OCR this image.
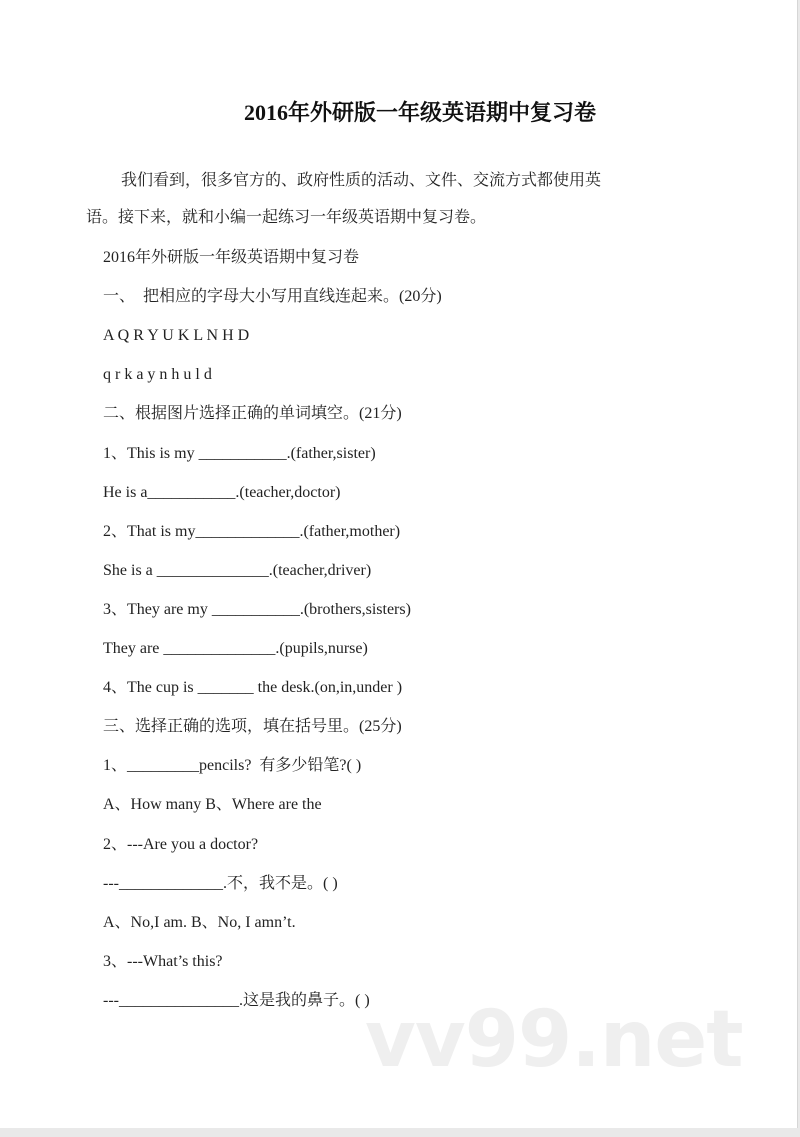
2016年外研版一年级英语期中复习卷
我们看到，很多官方的、政府性质的活动、文件、交流方式都使用英
语。接下来，就和小编一起练习一年级英语期中复习卷。
2016年外研版一年级英语期中复习卷
一、  把相应的字母大小写用直线连起来。(20分)
A Q R Y U K L N H D
q r k a y n h u l d
二、根据图片选择正确的单词填空。(21分)
1、This is my ___________.(father,sister)
He is a___________.(teacher,doctor)
2、That is my_____________.(father,mother)
She is a ______________.(teacher,driver)
3、They are my ___________.(brothers,sisters)
They are ______________.(pupils,nurse)
4、The cup is _______ the desk.(on,in,under )
三、选择正确的选项，填在括号里。(25分)
1、_________pencils?  有多少铅笔?( )
A、How many B、Where are the
2、---Are you a doctor?
---_____________.不，我不是。( )
A、No,I am. B、No, I amn’t.
3、---What’s this?
---_______________.这是我的鼻子。( )
vv99.net
